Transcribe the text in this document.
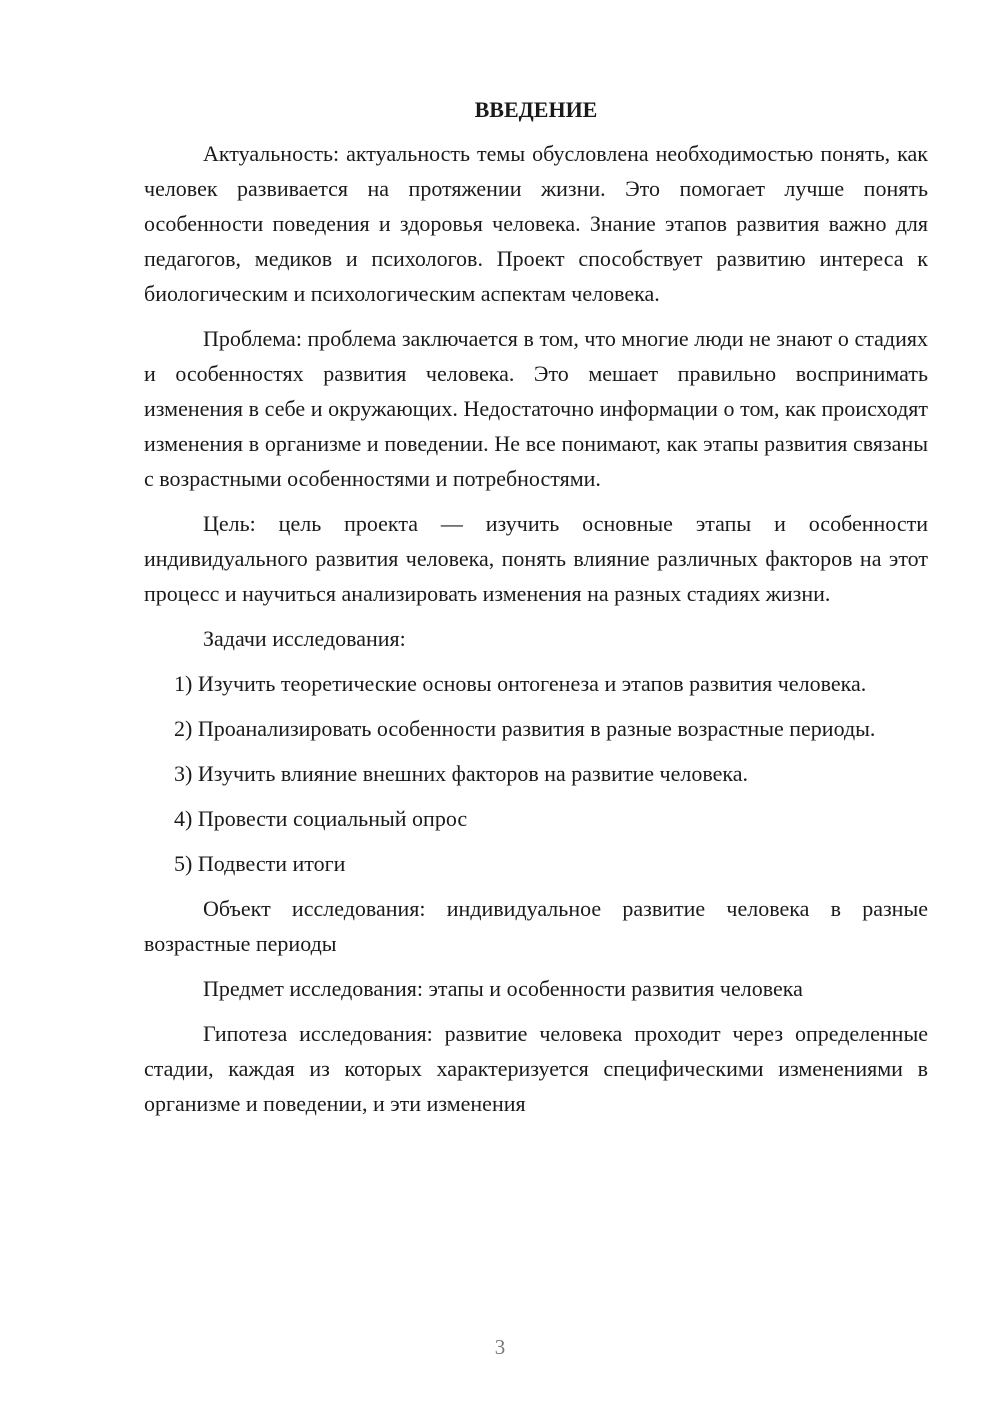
ВВЕДЕНИЕ

Актуальность: актуальность темы обусловлена необходимостью понять, как человек развивается на протяжении жизни. Это помогает лучше понять особенности поведения и здоровья человека. Знание этапов развития важно для педагогов, медиков и психологов. Проект способствует развитию интереса к биологическим и психологическим аспектам человека.

Проблема: проблема заключается в том, что многие люди не знают о стадиях и особенностях развития человека. Это мешает правильно воспринимать изменения в себе и окружающих. Недостаточно информации о том, как происходят изменения в организме и поведении. Не все понимают, как этапы развития связаны с возрастными особенностями и потребностями.

Цель: цель проекта — изучить основные этапы и особенности индивидуального развития человека, понять влияние различных факторов на этот процесс и научиться анализировать изменения на разных стадиях жизни.

Задачи исследования:

1) Изучить теоретические основы онтогенеза и этапов развития человека.

2) Проанализировать особенности развития в разные возрастные периоды.

3) Изучить влияние внешних факторов на развитие человека.

4) Провести социальный опрос

5) Подвести итоги

Объект исследования: индивидуальное развитие человека в разные возрастные периоды

Предмет исследования: этапы и особенности развития человека

Гипотеза исследования: развитие человека проходит через определенные стадии, каждая из которых характеризуется специфическими изменениями в организме и поведении, и эти изменения

3
